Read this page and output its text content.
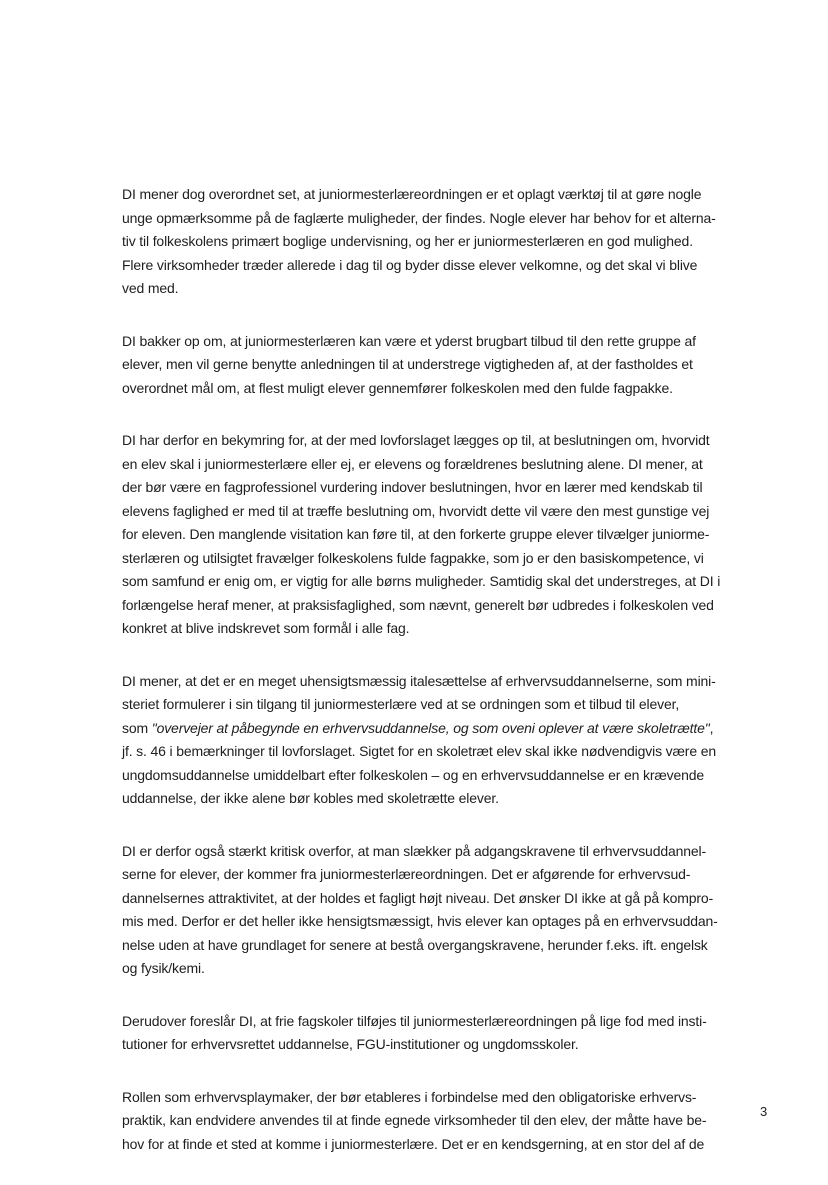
DI mener dog overordnet set, at juniormesterlæreordningen er et oplagt værktøj til at gøre nogle
unge opmærksomme på de faglærte muligheder, der findes. Nogle elever har behov for et alterna-
tiv til folkeskolens primært boglige undervisning, og her er juniormesterlæren en god mulighed.
Flere virksomheder træder allerede i dag til og byder disse elever velkomne, og det skal vi blive
ved med.
DI bakker op om, at juniormesterlæren kan være et yderst brugbart tilbud til den rette gruppe af
elever, men vil gerne benytte anledningen til at understrege vigtigheden af, at der fastholdes et
overordnet mål om, at flest muligt elever gennemfører folkeskolen med den fulde fagpakke.
DI har derfor en bekymring for, at der med lovforslaget lægges op til, at beslutningen om, hvorvidt
en elev skal i juniormesterlære eller ej, er elevens og forældrenes beslutning alene. DI mener, at
der bør være en fagprofessionel vurdering indover beslutningen, hvor en lærer med kendskab til
elevens faglighed er med til at træffe beslutning om, hvorvidt dette vil være den mest gunstige vej
for eleven. Den manglende visitation kan føre til, at den forkerte gruppe elever tilvælger juniorme-
sterlæren og utilsigtet fravælger folkeskolens fulde fagpakke, som jo er den basiskompetence, vi
som samfund er enig om, er vigtig for alle børns muligheder. Samtidig skal det understreges, at DI i
forlængelse heraf mener, at praksisfaglighed, som nævnt, generelt bør udbredes i folkeskolen ved
konkret at blive indskrevet som formål i alle fag.
DI mener, at det er en meget uhensigtsmæssig italesættelse af erhvervsuddannelserne, som mini-
steriet formulerer i sin tilgang til juniormesterlære ved at se ordningen som et tilbud til elever,
som "overvejer at påbegynde en erhvervsuddannelse, og som oveni oplever at være skoletrætte",
jf. s. 46 i bemærkninger til lovforslaget. Sigtet for en skoletræt elev skal ikke nødvendigvis være en
ungdomsuddannelse umiddelbart efter folkeskolen – og en erhvervsuddannelse er en krævende
uddannelse, der ikke alene bør kobles med skoletrætte elever.
DI er derfor også stærkt kritisk overfor, at man slækker på adgangskravene til erhvervsuddannel-
serne for elever, der kommer fra juniormesterlæreordningen. Det er afgørende for erhvervsud-
dannelsernes attraktivitet, at der holdes et fagligt højt niveau. Det ønsker DI ikke at gå på kompro-
mis med. Derfor er det heller ikke hensigtsmæssigt, hvis elever kan optages på en erhvervsuddan-
nelse uden at have grundlaget for senere at bestå overgangskravene, herunder f.eks. ift. engelsk
og fysik/kemi.
Derudover foreslår DI, at frie fagskoler tilføjes til juniormesterlæreordningen på lige fod med insti-
tutioner for erhvervsrettet uddannelse, FGU-institutioner og ungdomsskoler.
Rollen som erhvervsplaymaker, der bør etableres i forbindelse med den obligatoriske erhvervs-
praktik, kan endvidere anvendes til at finde egnede virksomheder til den elev, der måtte have be-
hov for at finde et sted at komme i juniormesterlære. Det er en kendsgerning, at en stor del af de
3
